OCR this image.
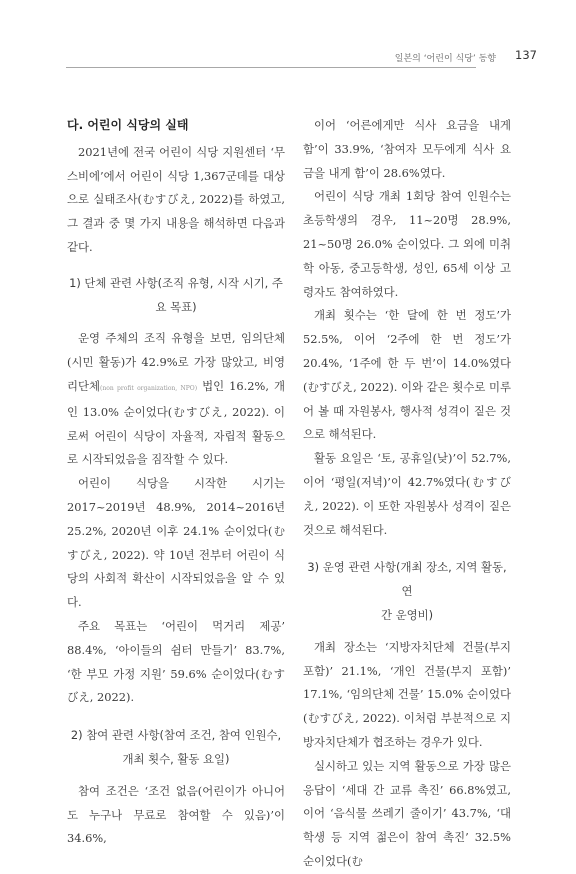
일본의 ‘어린이 식당’ 동향 137
다. 어린이 식당의 실태

2021년에 전국 어린이 식당 지원센터 ‘무스비에’에서 어린이 식당 1,367군데를 대상으로 실태조사(むすびえ, 2022)를 하였고, 그 결과 중 몇 가지 내용을 해석하면 다음과 같다.

1) 단체 관련 사항(조직 유형, 시작 시기, 주
요 목표)

운영 주체의 조직 유형을 보면, 임의단체(시민 활동)가 42.9%로 가장 많았고, 비영리단체(non profit organization, NPO) 법인 16.2%, 개인 13.0% 순이었다(むすびえ, 2022). 이로써 어린이 식당이 자율적, 자립적 활동으로 시작되었음을 짐작할 수 있다.

어린이 식당을 시작한 시기는 2017~2019년 48.9%, 2014~2016년 25.2%, 2020년 이후 24.1% 순이었다(むすびえ, 2022). 약 10년 전부터 어린이 식당의 사회적 확산이 시작되었음을 알 수 있다.

주요 목표는 ‘어린이 먹거리 제공’ 88.4%, ‘아이들의 쉼터 만들기’ 83.7%, ‘한 부모 가정 지원’ 59.6% 순이었다(むすびえ, 2022).

2) 참여 관련 사항(참여 조건, 참여 인원수,
개최 횟수, 활동 요일)

참여 조건은 ‘조건 없음(어린이가 아니어도 누구나 무료로 참여할 수 있음)’이 34.6%,

이어 ‘어른에게만 식사 요금을 내게 함’이 33.9%, ‘참여자 모두에게 식사 요금을 내게 함’이 28.6%였다.

어린이 식당 개최 1회당 참여 인원수는 초등학생의 경우, 11~20명 28.9%, 21~50명 26.0% 순이었다. 그 외에 미취학 아동, 중고등학생, 성인, 65세 이상 고령자도 참여하였다.

개최 횟수는 ‘한 달에 한 번 정도’가 52.5%, 이어 ‘2주에 한 번 정도’가 20.4%, ‘1주에 한 두 번’이 14.0%였다(むすびえ, 2022). 이와 같은 횟수로 미루어 볼 때 자원봉사, 행사적 성격이 짙은 것으로 해석된다.

활동 요일은 ‘토, 공휴일(낮)’이 52.7%, 이어 ‘평일(저녁)’이 42.7%였다(むすびえ, 2022). 이 또한 자원봉사 성격이 짙은 것으로 해석된다.

3) 운영 관련 사항(개최 장소, 지역 활동, 연
간 운영비)

개최 장소는 ‘지방자치단체 건물(부지 포함)’ 21.1%, ‘개인 건물(부지 포함)’ 17.1%, ‘임의단체 건물’ 15.0% 순이었다(むすびえ, 2022). 이처럼 부분적으로 지방자치단체가 협조하는 경우가 있다.

실시하고 있는 지역 활동으로 가장 많은 응답이 ‘세대 간 교류 촉진’ 66.8%였고, 이어 ‘음식물 쓰레기 줄이기’ 43.7%, ‘대학생 등 지역 젊은이 참여 촉진’ 32.5% 순이었다(む
